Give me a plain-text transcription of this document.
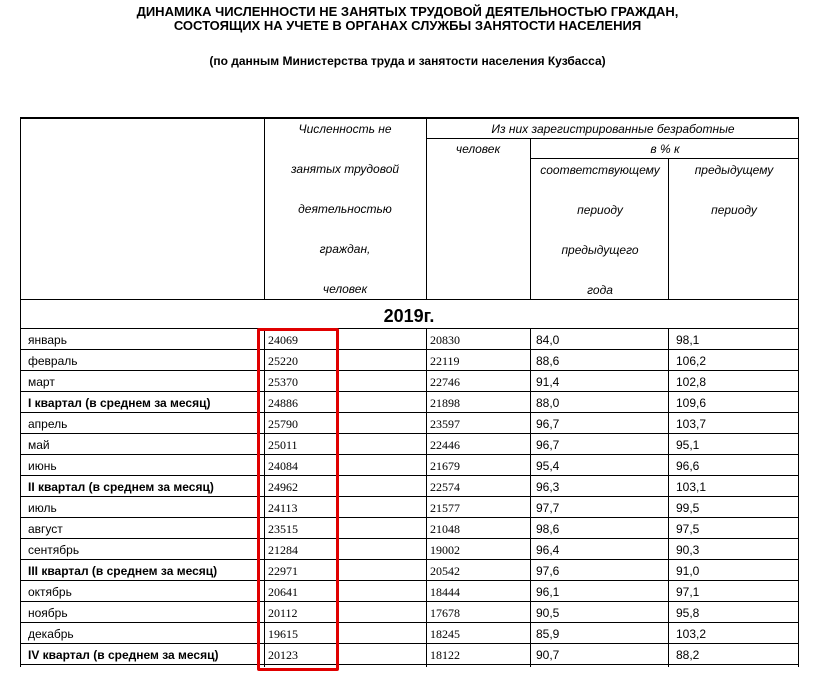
ДИНАМИКА ЧИСЛЕННОСТИ НЕ ЗАНЯТЫХ ТРУДОВОЙ ДЕЯТЕЛЬНОСТЬЮ ГРАЖДАН,
СОСТОЯЩИХ НА УЧЕТЕ В ОРГАНАХ СЛУЖБЫ ЗАНЯТОСТИ НАСЕЛЕНИЯ
(по данным Министерства труда и занятости населения Кузбасса)
Численность не
занятых трудовой
деятельностью
граждан,
человек
Из них зарегистрированные безработные
человек	в % к
соответствующему
периоду
предыдущего
года
предыдущему
периоду
2019г.
январь	24069	20830	84,0	98,1
февраль	25220	22119	88,6	106,2
март	25370	22746	91,4	102,8
I квартал (в среднем за месяц)	24886	21898	88,0	109,6
апрель	25790	23597	96,7	103,7
май	25011	22446	96,7	95,1
июнь	24084	21679	95,4	96,6
II квартал (в среднем за месяц)	24962	22574	96,3	103,1
июль	24113	21577	97,7	99,5
август	23515	21048	98,6	97,5
сентябрь	21284	19002	96,4	90,3
III квартал (в среднем за месяц)	22971	20542	97,6	91,0
октябрь	20641	18444	96,1	97,1
ноябрь	20112	17678	90,5	95,8
декабрь	19615	18245	85,9	103,2
IV квартал (в среднем за месяц)	20123	18122	90,7	88,2
